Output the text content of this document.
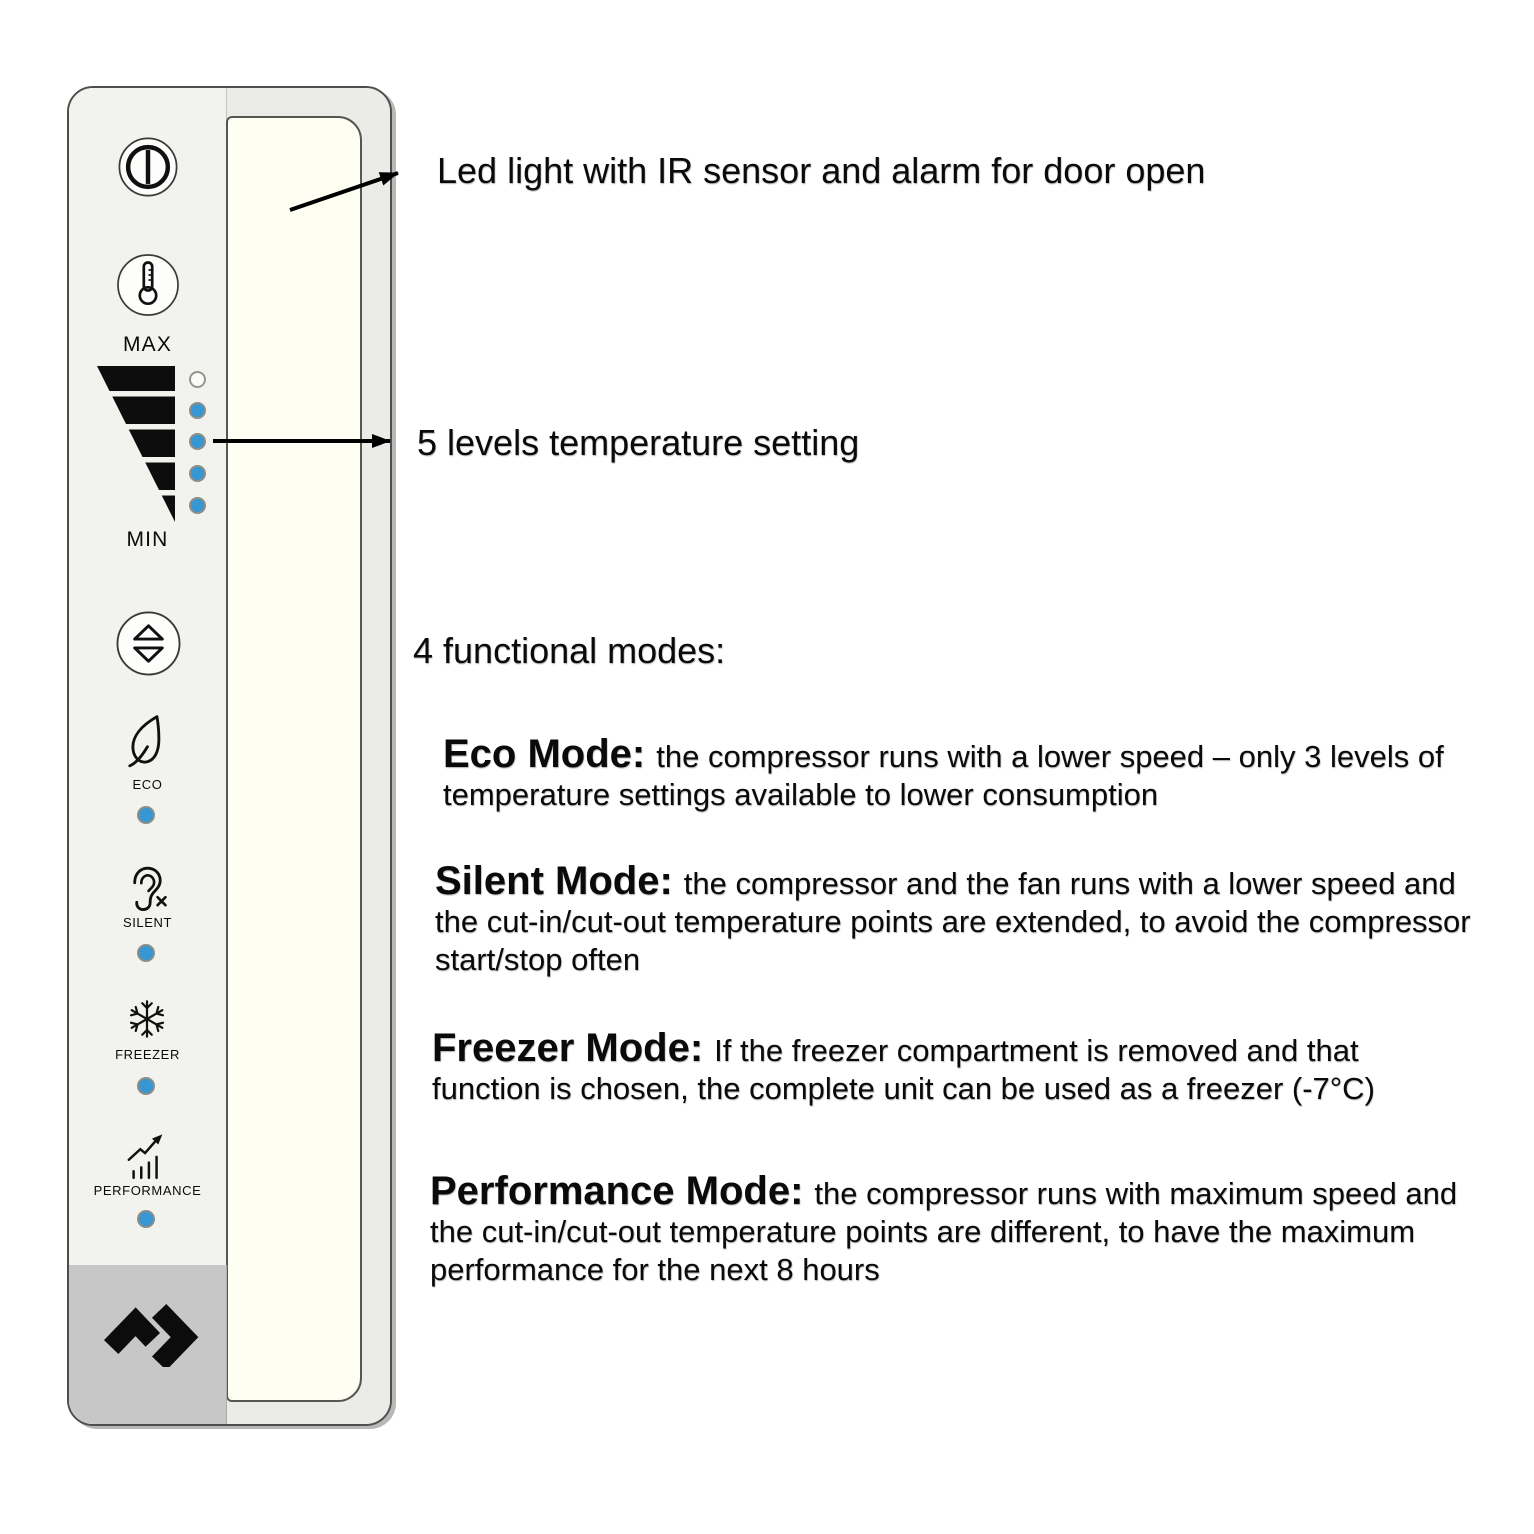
MAX
MIN
ECO
SILENT
FREEZER
PERFORMANCE
Led light with IR sensor and alarm for door open
5 levels temperature setting
4 functional modes:
Eco Mode: the compressor runs with a lower speed – only 3 levels of temperature settings available to lower consumption
Silent Mode: the compressor and the fan runs with a lower speed and the cut-in/cut-out temperature points are extended, to avoid the compressor start/stop often
Freezer Mode: If the freezer compartment is removed and that function is chosen, the complete unit can be used as a freezer (-7°C)
Performance Mode: the compressor runs with maximum speed and the cut-in/cut-out temperature points are different, to have the maximum performance for the next 8 hours
